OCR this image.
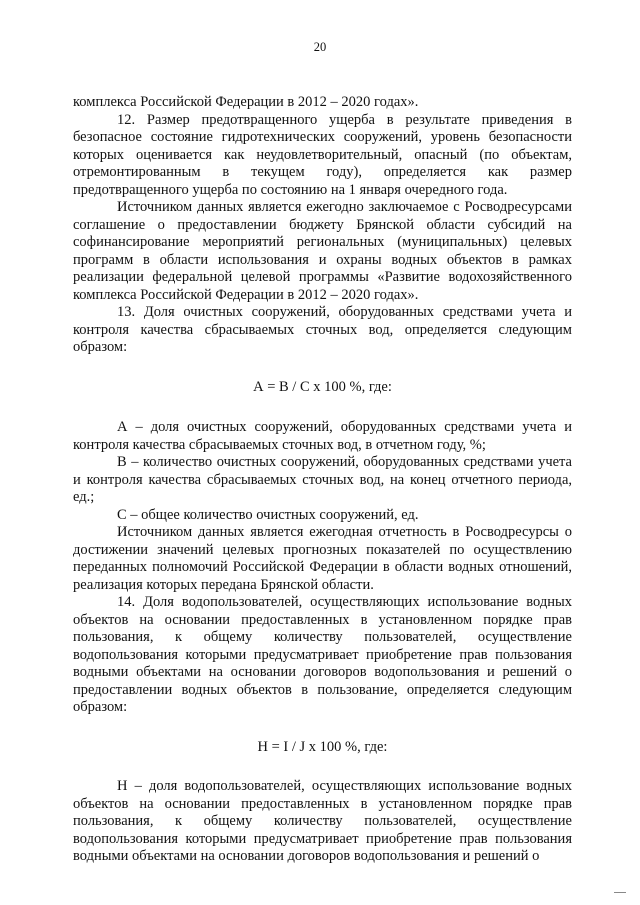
20

комплекса Российской Федерации в 2012 – 2020 годах».

12. Размер предотвращенного ущерба в результате приведения в безопасное состояние гидротехнических сооружений, уровень безопасности которых оценивается как неудовлетворительный, опасный (по объектам, отремонтированным в текущем году), определяется как размер предотвращенного ущерба по состоянию на 1 января очередного года.

Источником данных является ежегодно заключаемое с Росводресурсами соглашение о предоставлении бюджету Брянской области субсидий на софинансирование мероприятий региональных (муниципальных) целевых программ в области использования и охраны водных объектов в рамках реализации федеральной целевой программы «Развитие водохозяйственного комплекса Российской Федерации в 2012 – 2020 годах».

13. Доля очистных сооружений, оборудованных средствами учета и контроля качества сбрасываемых сточных вод, определяется следующим образом:

А = В / С х 100 %, где:

А – доля очистных сооружений, оборудованных средствами учета и контроля качества сбрасываемых сточных вод, в отчетном году, %;

В – количество очистных сооружений, оборудованных средствами учета и контроля качества сбрасываемых сточных вод, на конец отчетного периода, ед.;

С – общее количество очистных сооружений, ед.

Источником данных является ежегодная отчетность в Росводресурсы о достижении значений целевых прогнозных показателей по осуществлению переданных полномочий Российской Федерации в области водных отношений, реализация которых передана Брянской области.

14. Доля водопользователей, осуществляющих использование водных объектов на основании предоставленных в установленном порядке прав пользования, к общему количеству пользователей, осуществление водопользования которыми предусматривает приобретение прав пользования водными объектами на основании договоров водопользования и решений о предоставлении водных объектов в пользование, определяется следующим образом:

Н = I / J х 100 %, где:

Н – доля водопользователей, осуществляющих использование водных объектов на основании предоставленных в установленном порядке прав пользования, к общему количеству пользователей, осуществление водопользования которыми предусматривает приобретение прав пользования водными объектами на основании договоров водопользования и решений о
